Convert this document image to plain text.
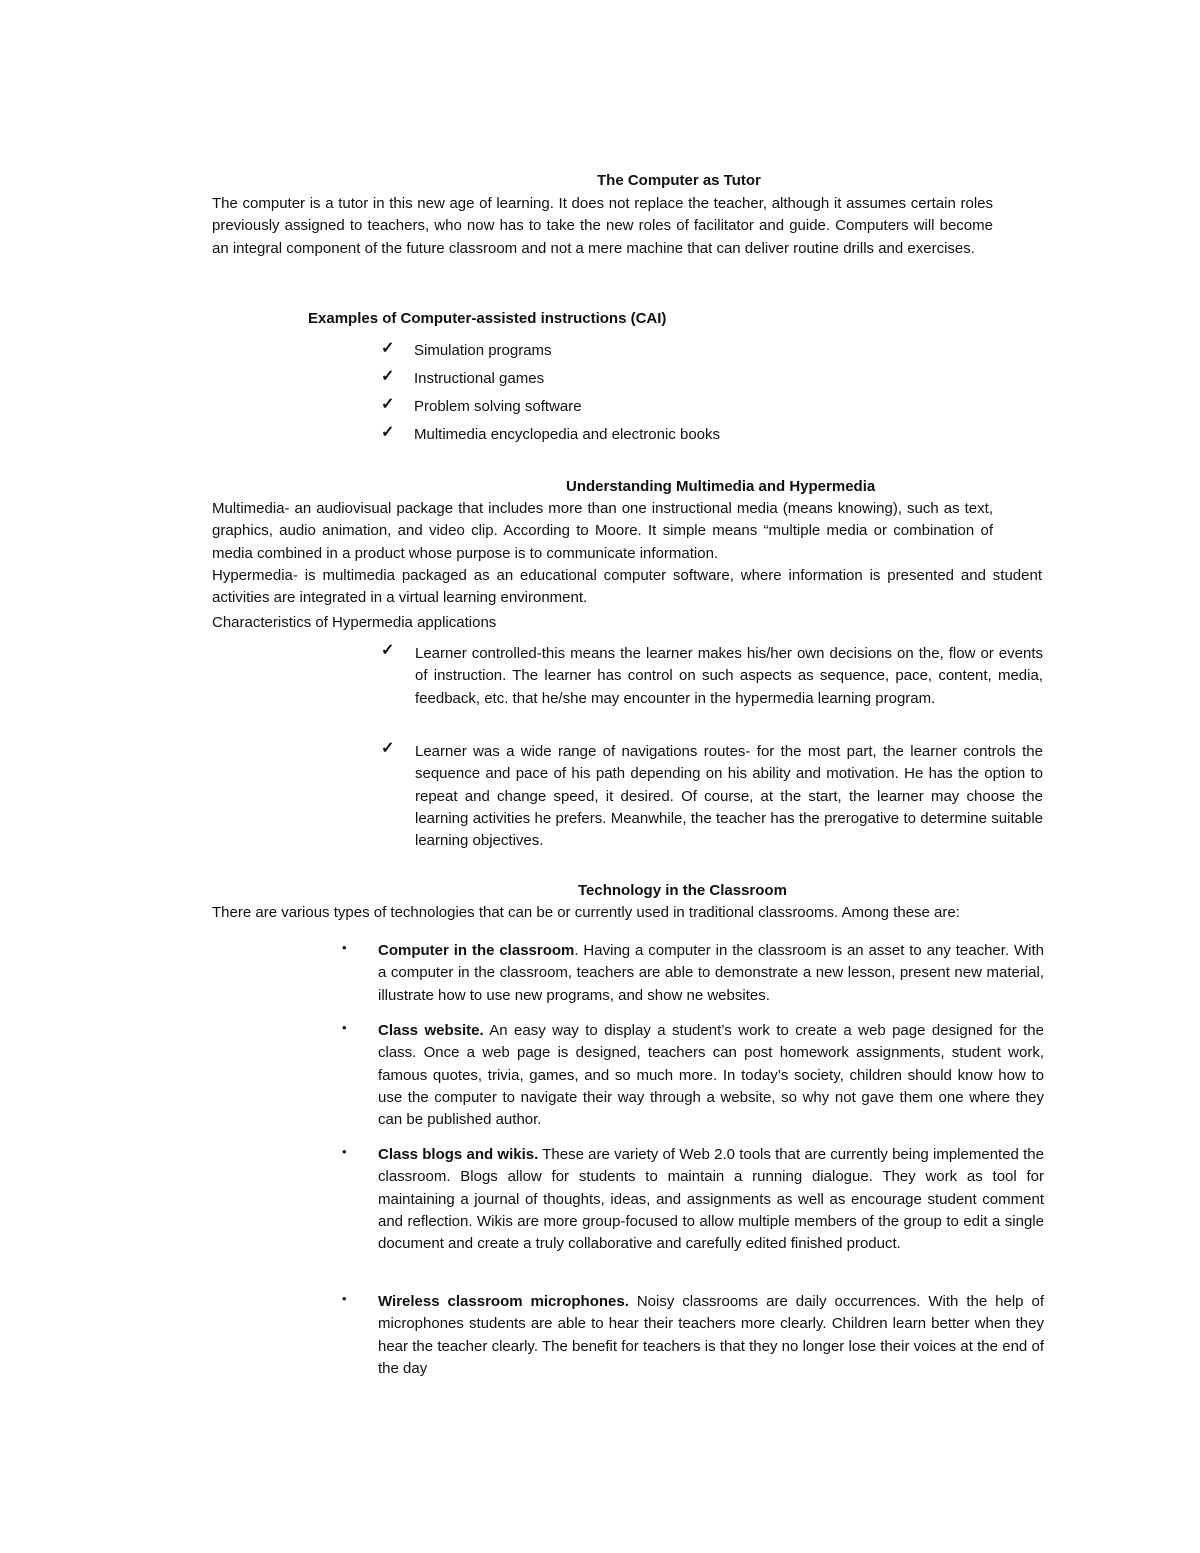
The Computer as Tutor
The computer is a tutor in this new age of learning. It does not replace the teacher, although it assumes certain roles previously assigned to teachers, who now has to take the new roles of facilitator and guide. Computers will become an integral component of the future classroom and not a mere machine that can deliver routine drills and exercises.
Examples of Computer-assisted instructions (CAI)
✓ Simulation programs
✓ Instructional games
✓ Problem solving software
✓ Multimedia encyclopedia and electronic books
Understanding Multimedia and Hypermedia
Multimedia- an audiovisual package that includes more than one instructional media (means knowing), such as text, graphics, audio animation, and video clip. According to Moore. It simple means “multiple media or combination of media combined in a product whose purpose is to communicate information.
Hypermedia- is multimedia packaged as an educational computer software, where information is presented and student activities are integrated in a virtual learning environment.
Characteristics of Hypermedia applications
✓ Learner controlled-this means the learner makes his/her own decisions on the, flow or events of instruction. The learner has control on such aspects as sequence, pace, content, media, feedback, etc. that he/she may encounter in the hypermedia learning program.
✓ Learner was a wide range of navigations routes- for the most part, the learner controls the sequence and pace of his path depending on his ability and motivation. He has the option to repeat and change speed, it desired. Of course, at the start, the learner may choose the learning activities he prefers. Meanwhile, the teacher has the prerogative to determine suitable learning objectives.
Technology in the Classroom
There are various types of technologies that can be or currently used in traditional classrooms. Among these are:
• Computer in the classroom. Having a computer in the classroom is an asset to any teacher. With a computer in the classroom, teachers are able to demonstrate a new lesson, present new material, illustrate how to use new programs, and show ne websites.
• Class website. An easy way to display a student’s work to create a web page designed for the class. Once a web page is designed, teachers can post homework assignments, student work, famous quotes, trivia, games, and so much more. In today’s society, children should know how to use the computer to navigate their way through a website, so why not gave them one where they can be published author.
• Class blogs and wikis. These are variety of Web 2.0 tools that are currently being implemented the classroom. Blogs allow for students to maintain a running dialogue. They work as tool for maintaining a journal of thoughts, ideas, and assignments as well as encourage student comment and reflection. Wikis are more group-focused to allow multiple members of the group to edit a single document and create a truly collaborative and carefully edited finished product.
• Wireless classroom microphones. Noisy classrooms are daily occurrences. With the help of microphones students are able to hear their teachers more clearly. Children learn better when they hear the teacher clearly. The benefit for teachers is that they no longer lose their voices at the end of the day
